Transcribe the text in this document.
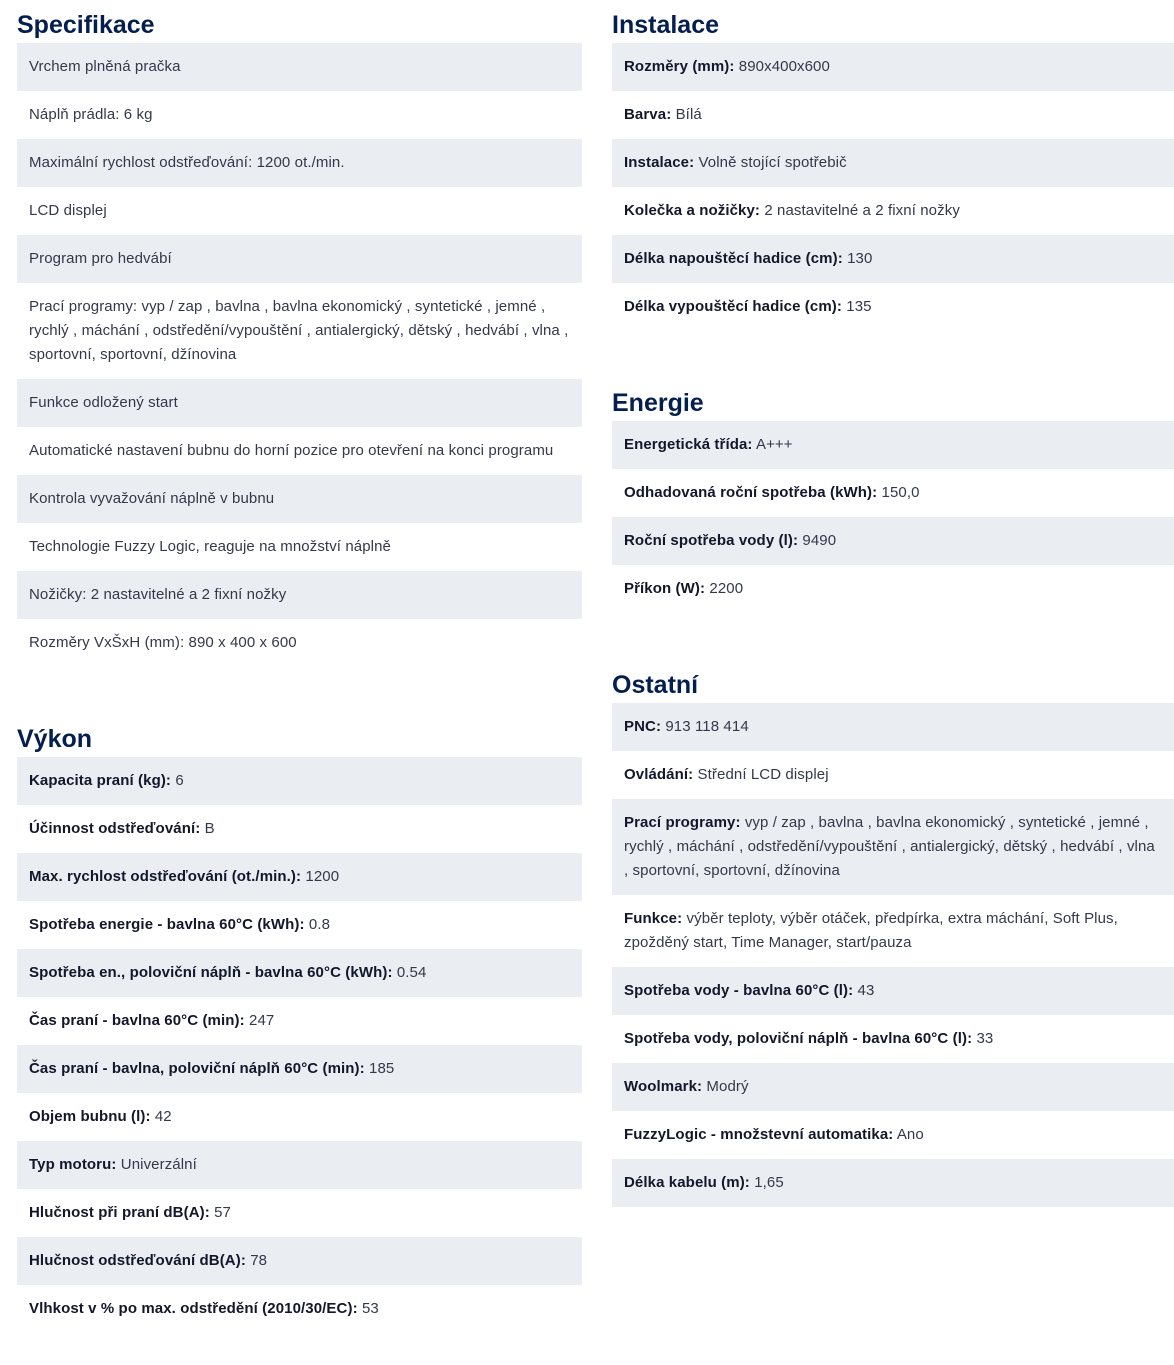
Specifikace
Vrchem plněná pračka
Náplň prádla: 6 kg
Maximální rychlost odstřeďování: 1200 ot./min.
LCD displej
Program pro hedvábí
Prací programy: vyp / zap , bavlna , bavlna ekonomický , syntetické , jemné , rychlý , máchání , odstředění/vypouštění , antialergický, dětský , hedvábí , vlna , sportovní, sportovní, džínovina
Funkce odložený start
Automatické nastavení bubnu do horní pozice pro otevření na konci programu
Kontrola vyvažování náplně v bubnu
Technologie Fuzzy Logic, reaguje na množství náplně
Nožičky: 2 nastavitelné a 2 fixní nožky
Rozměry VxŠxH (mm): 890 x 400 x 600
Výkon
Kapacita praní (kg): 6
Účinnost odstřeďování: B
Max. rychlost odstřeďování (ot./min.): 1200
Spotřeba energie - bavlna 60°C (kWh): 0.8
Spotřeba en., poloviční náplň - bavlna 60°C (kWh): 0.54
Čas praní - bavlna 60°C (min): 247
Čas praní - bavlna, poloviční náplň 60°C (min): 185
Objem bubnu (l): 42
Typ motoru: Univerzální
Hlučnost při praní dB(A): 57
Hlučnost odstřeďování dB(A): 78
Vlhkost v % po max. odstředění (2010/30/EC): 53
Instalace
Rozměry (mm): 890x400x600
Barva: Bílá
Instalace: Volně stojící spotřebič
Kolečka a nožičky: 2 nastavitelné a 2 fixní nožky
Délka napouštěcí hadice (cm): 130
Délka vypouštěcí hadice (cm): 135
Energie
Energetická třída: A+++
Odhadovaná roční spotřeba (kWh): 150,0
Roční spotřeba vody (l): 9490
Příkon (W): 2200
Ostatní
PNC: 913 118 414
Ovládání: Střední LCD displej
Prací programy: vyp / zap , bavlna , bavlna ekonomický , syntetické , jemné , rychlý , máchání , odstředění/vypouštění , antialergický, dětský , hedvábí , vlna , sportovní, sportovní, džínovina
Funkce: výběr teploty, výběr otáček, předpírka, extra máchání, Soft Plus, zpožděný start, Time Manager, start/pauza
Spotřeba vody - bavlna 60°C (l): 43
Spotřeba vody, poloviční náplň - bavlna 60°C (l): 33
Woolmark: Modrý
FuzzyLogic - množstevní automatika: Ano
Délka kabelu (m): 1,65
